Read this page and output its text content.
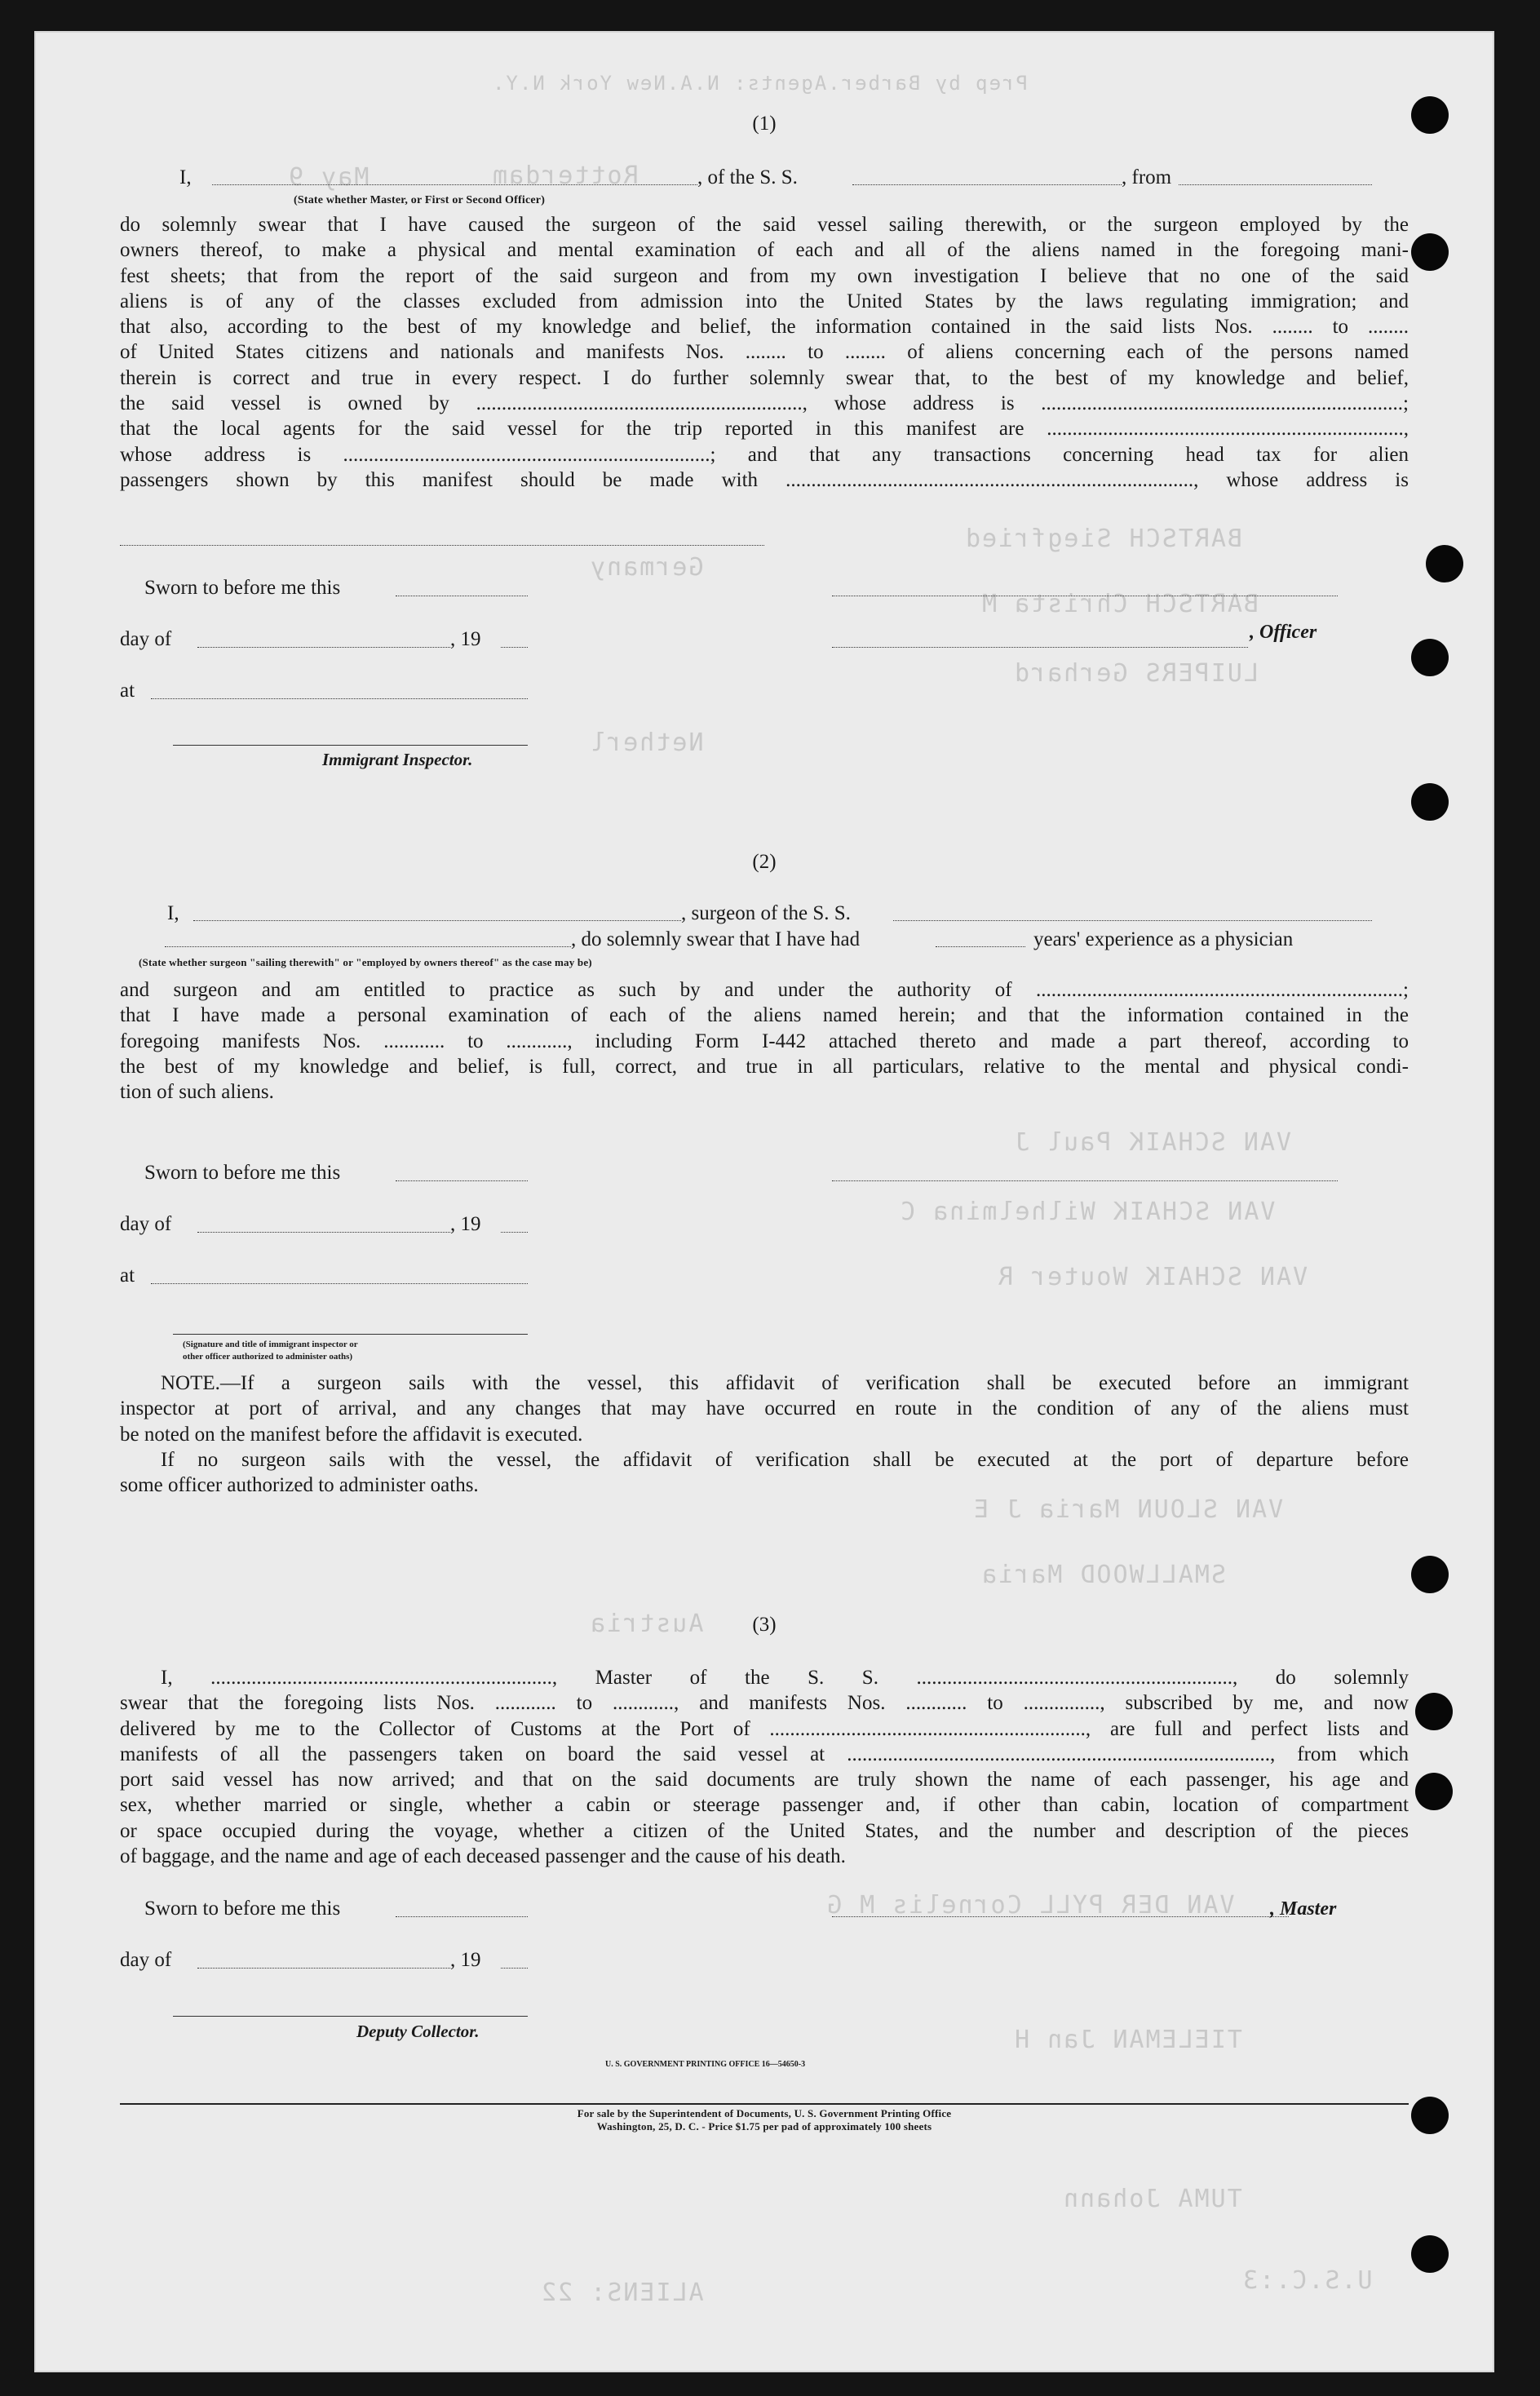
Prep by Barber.Agents: N.A.New York N.Y.
Rotterdam
May 9
BARTSCH Siegfried
Germany
BARTSCH Christa M
LUIPERS Gerhard
Netherl
VAN SCHAIK Paul J
VAN SCHAIK Wilhelmina C
VAN SCHAIK Wouter R
VAN SLOUN Maria J E
SMALLWOOD Maria
Austria
VAN DER PYLL Cornelis M G
TIELEMAN Jan H
TUMA Johann
U.S.C.:3
ALIENS: 22
(1)
I,	, of the S. S.	, from
(State whether Master, or First or Second Officer)
do solemnly swear that I have caused the surgeon of the said vessel sailing therewith, or the surgeon employed by the
owners thereof, to make a physical and mental examination of each and all of the aliens named in the foregoing mani-
fest sheets; that from the report of the said surgeon and from my own investigation I believe that no one of the said
aliens is of any of the classes excluded from admission into the United States by the laws regulating immigration; and
that also, according to the best of my knowledge and belief, the information contained in the said lists Nos. ........ to ........
of United States citizens and nationals and manifests Nos. ........ to ........ of aliens concerning each of the persons named
therein is correct and true in every respect. I do further solemnly swear that, to the best of my knowledge and belief,
the said vessel is owned by ................................................................, whose address is .......................................................................;
that the local agents for the said vessel for the trip reported in this manifest are ......................................................................,
whose address is ........................................................................; and that any transactions concerning head tax for alien
passengers shown by this manifest should be made with ................................................................................, whose address is
Sworn to before me this
day of	, 19
at
Immigrant Inspector.
, Officer
(2)
I,	, surgeon of the S. S.
, do solemnly swear that I have had	years' experience as a physician
(State whether surgeon "sailing therewith" or "employed by owners thereof" as the case may be)
and surgeon and am entitled to practice as such by and under the authority of ........................................................................;
that I have made a personal examination of each of the aliens named herein; and that the information contained in the
foregoing manifests Nos. ............ to ............, including Form I-442 attached thereto and made a part thereof, according to
the best of my knowledge and belief, is full, correct, and true in all particulars, relative to the mental and physical condi-
tion of such aliens.
Sworn to before me this
day of	, 19
at
(Signature and title of immigrant inspector or
other officer authorized to administer oaths)
NOTE.—If a surgeon sails with the vessel, this affidavit of verification shall be executed before an immigrant
inspector at port of arrival, and any changes that may have occurred en route in the condition of any of the aliens must
be noted on the manifest before the affidavit is executed.
If no surgeon sails with the vessel, the affidavit of verification shall be executed at the port of departure before
some officer authorized to administer oaths.
(3)
I, ..................................................................., Master of the S. S. .............................................................., do solemnly
swear that the foregoing lists Nos. ............ to ............, and manifests Nos. ............ to ..............., subscribed by me, and now
delivered by me to the Collector of Customs at the Port of .............................................................., are full and perfect lists and
manifests of all the passengers taken on board the said vessel at ..................................................................................., from which
port said vessel has now arrived; and that on the said documents are truly shown the name of each passenger, his age and
sex, whether married or single, whether a cabin or steerage passenger and, if other than cabin, location of compartment
or space occupied during the voyage, whether a citizen of the United States, and the number and description of the pieces
of baggage, and the name and age of each deceased passenger and the cause of his death.
Sworn to before me this
day of	, 19
Deputy Collector.
, Master
U. S. GOVERNMENT PRINTING OFFICE 16—54650-3
For sale by the Superintendent of Documents, U. S. Government Printing Office
Washington, 25, D. C. - Price $1.75 per pad of approximately 100 sheets
